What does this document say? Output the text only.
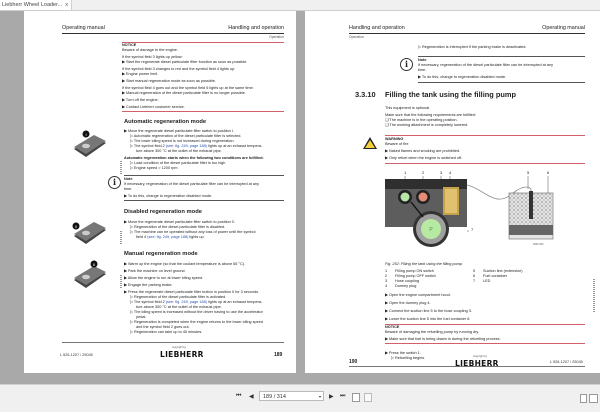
Liebherr Wheel Loader... x
Operating manual	Handling and operation
Operation
NOTICE
Beware of damage to the engine.
If the symbol field 3 lights up yellow:
▶ Start the regenerate diesel particulate filter function as soon as possible.
If the symbol field 3 changes to red and the symbol field 4 lights up:
▶ Engine power limit.
▶ Start manual regeneration mode as soon as possible.
If the symbol field 4 goes out and the symbol field 5 lights up at the same time:
▶ Manual regeneration of the diesel particulate filter is no longer possible.
▶ Turn off the engine.
▶ Contact Liebherr customer service.
Automatic regeneration mode
I
▶ Move the regenerate diesel particulate filter switch to position I.
▷ Automatic regeneration of the diesel particulate filter is selected.
▷ The lower idling speed is not increased during regeneration.
▷ The symbol field 2 (see: fig. 249, page 188) lights up at an exhaust tempera-
ture above 300 °C at the outlet of the exhaust pipe.
Automatic regeneration starts when the following two conditions are fulfilled:
▷ Load condition of the diesel particulate filter is too high
▷ Engine speed > 1200 rpm
i	Note
If necessary, regeneration of the diesel particulate filter can be interrupted at any
time.
▶ To do this, change to regeneration disabled mode.
Disabled regeneration mode
0
▶ Move the regenerate diesel particulate filter switch to position 0.
▷ Regeneration of the diesel particulate filter is disabled.
▷ The machine can be operated without any loss of power until the symbol
field 4 (see: fig. 249, page 188) lights up.
Manual regeneration mode
II	▶ Warm up the engine (so that the coolant temperature is above 65 °C).
▶ Park the machine on level ground.
▶ Allow the engine to run at lower idling speed.
▶ Engage the parking brake.
▶ Press the regenerate diesel particulate filter button in position II for 3 seconds.
▷ Regeneration of the diesel particulate filter is activated.
▷ The symbol field 2 (see: fig. 249, page 188) lights up at an exhaust tempera-
ture above 300 °C at the outlet of the exhaust pipe.
▷ The idling speed is increased without the driver having to use the accelerator
pedal.
▷ Regeneration is completed when the engine returns to the lower idling speed
and the symbol field 2 goes out.
▷ Regeneration can take up to 45 minutes.
L 526-1207 / 25045
copyright by
LIEBHERR	189
Handling and operation	Operating manual
Operation
▷ Regeneration is interrupted if the parking brake is deactivated.
i	Note
If necessary, regeneration of the diesel particulate filter can be interrupted at any
time.
▶ To do this, change to regeneration disabled mode.
3.3.10 Filling the tank using the filling pump
This equipment is optional.
Make sure that the following requirements are fulfilled:
❑ The machine is in the operating position.
❑ The working attachment is completely lowered.
WARNING
Beware of fire
▶ Naked flames and smoking are prohibited.
▶ Only refuel when the engine is switched off.
1	2	3 4	5	6
7
P
0000 000
Fig. 252: Filling the tank using the filling pump
1 Filling pump ON switch
2 Filling pump OFF switch
3 Hose coupling
4 Dummy plug
5 Suction line (extension)
6 Fuel container
7 LED
▶ Open the engine compartment hood.
▶ Open the dummy plug 4.
▶ Connect the suction line 5 to the hose coupling 3.
▶ Lower the suction line 5 into the fuel container 6.
NOTICE
Beware of damaging the refuelling pump by running dry.
▶ Make sure that fuel is being drawn in during the refuelling process.
▶ Press the switch 1.
▷ Refuelling begins.
190
copyright by
LIEBHERR	L 526-1207 / 25045
⏮ ◀	189 / 314	▾ ▶ ⏭
